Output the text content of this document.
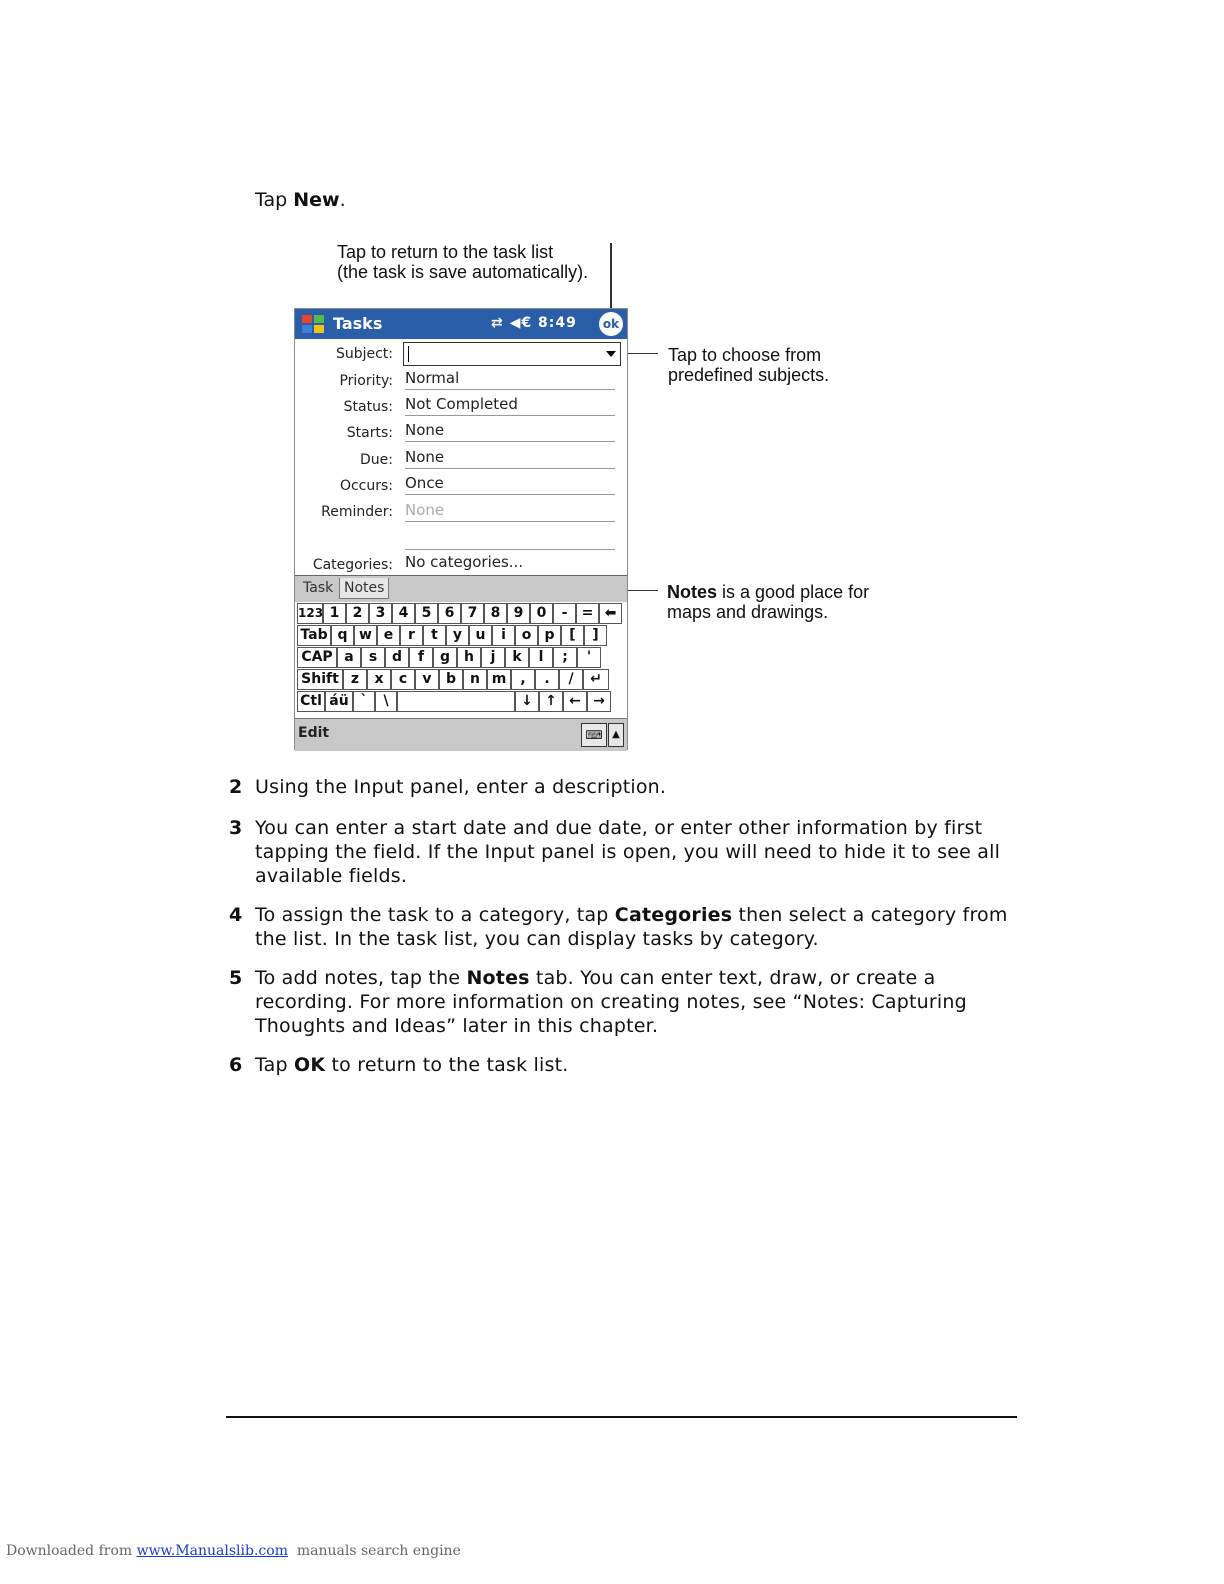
Tap New.
Tap to return to the task list
(the task is save automatically).
Tap to choose from
predefined subjects.
Notes is a good place for
maps and drawings.
Tasks	⇄ ◀€ 8:49	ok
Subject:
Priority: Normal
Status: Not Completed
Starts: None
Due: None
Occurs: Once
Reminder: None
Categories: No categories...
Task Notes
123 1 2 3 4 5 6 7 8 9 0	-	= ⬅
Tab q w e	r	t	y u	i	o p	[	]
CAP a	s	d	f	g	h	j	k	l	;	'
Shift z	x	c	v	b	n m	,	.	/	↵
Ctl áü `	\	↓ ↑ ← →
Edit	⌨ ▲
2 Using the Input panel, enter a description.
3 You can enter a start date and due date, or enter other information by first tapping the field. If the Input panel is open, you will need to hide it to see all available fields.
4 To assign the task to a category, tap Categories then select a category from the list. In the task list, you can display tasks by category.
5 To add notes, tap the Notes tab. You can enter text, draw, or create a recording. For more information on creating notes, see “Notes: Capturing Thoughts and Ideas” later in this chapter.
6 Tap OK to return to the task list.
Downloaded from www.Manualslib.com  manuals search engine
